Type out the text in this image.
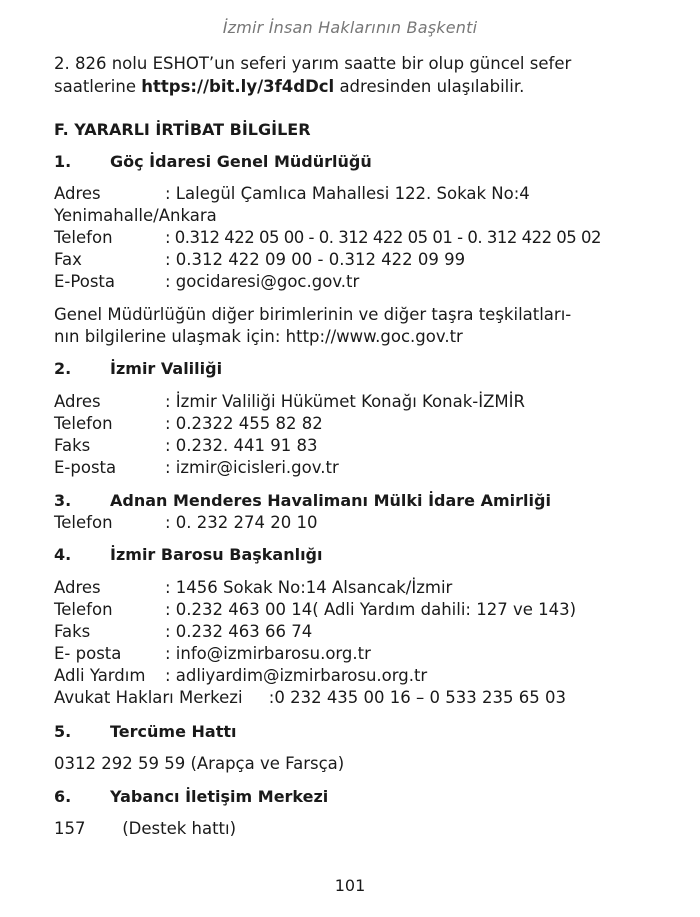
İzmir İnsan Haklarının Başkenti
2. 826 nolu ESHOT’un seferi yarım saatte bir olup güncel sefer
saatlerine https://bit.ly/3f4dDcl adresinden ulaşılabilir.
F. YARARLI İRTİBAT BİLGİLER
1. Göç İdaresi Genel Müdürlüğü
Adres	: Lalegül Çamlıca Mahallesi 122. Sokak No:4
Yenimahalle/Ankara
Telefon	: 0.312 422 05 00 - 0. 312 422 05 01 - 0. 312 422 05 02
Fax	: 0.312 422 09 00 - 0.312 422 09 99
E-Posta	: gocidaresi@goc.gov.tr
Genel Müdürlüğün diğer birimlerinin ve diğer taşra teşkilatları-
nın bilgilerine ulaşmak için: http://www.goc.gov.tr
2. İzmir Valiliği
Adres	: İzmir Valiliği Hükümet Konağı Konak-İZMİR
Telefon	: 0.2322 455 82 82
Faks	: 0.232. 441 91 83
E-posta	: izmir@icisleri.gov.tr
3. Adnan Menderes Havalimanı Mülki İdare Amirliği
Telefon	: 0. 232 274 20 10
4. İzmir Barosu Başkanlığı
Adres	: 1456 Sokak No:14 Alsancak/İzmir
Telefon	: 0.232 463 00 14( Adli Yardım dahili: 127 ve 143)
Faks	: 0.232 463 66 74
E- posta	: info@izmirbarosu.org.tr
Adli Yardım : adliyardim@izmirbarosu.org.tr
Avukat Hakları Merkezi     :0 232 435 00 16 – 0 533 235 65 03
5. Tercüme Hattı
0312 292 59 59 (Arapça ve Farsça)
6. Yabancı İletişim Merkezi
157       (Destek hattı)
101
